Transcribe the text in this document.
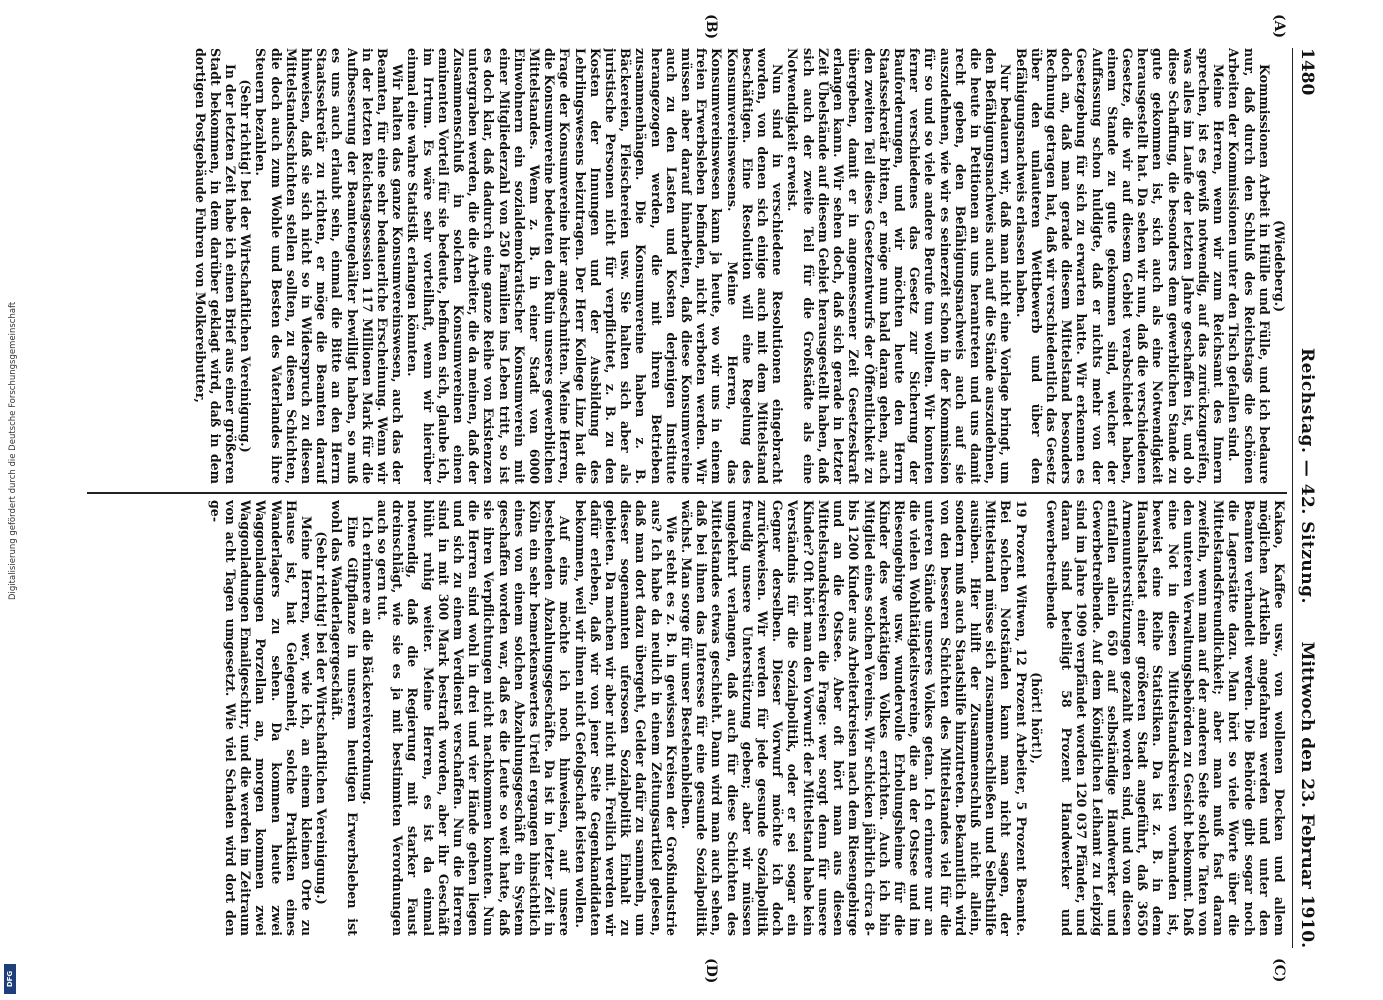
1480
Reichstag. — 42. Sitzung.
Mittwoch den 23. Februar 1910.
(A)
(B)
(C)
(D)

(Wiedeberg.)

Kommissionen Arbeit in Hülle und Fülle, und ich bedaure nur, daß durch den Schluß des Reichstags die schönen Arbeiten der Kommissionen unter den Tisch gefallen sind.

Meine Herren, wenn wir zum Reichsamt des Innern sprechen, ist es gewiß notwendig, auf das zurückzugreifen, was alles im Laufe der letzten Jahre geschaffen ist, und ob diese Schaffung, die besonders dem gewerblichen Stande zu gute gekommen ist, sich auch als eine Notwendigkeit herausgestellt hat. Da sehen wir nun, daß die verschiedenen Gesetze, die wir auf diesem Gebiet verabschiedet haben, einem Stande zu gute gekommen sind, welcher der Auffassung schon huldigte, daß er nichts mehr von der Gesetzgebung für sich zu erwarten hatte. Wir erkennen es doch an, daß man gerade diesem Mittelstand besonders Rechnung getragen hat, daß wir verschiedentlich das Gesetz über den unlauteren Wettbewerb und über den Befähigungsnachweis erlassen haben.

Nur bedauern wir, daß man nicht eine Vorlage bringt, um den Befähigungsnachweis auch auf die Stände auszudehnen, die heute in Petitionen an uns herantreten und uns damit recht geben, den Befähigungsnachweis auch auf sie auszudehnen, wie wir es seinerzeit schon in der Kommission für so und so viele andere Berufe tun wollten. Wir konnten ferner verschiedenes das Gesetz zur Sicherung der Bauforderungen, und wir möchten heute den Herrn Staatssekretär bitten, er möge nun bald daran gehen, auch den zweiten Teil dieses Gesetzentwurfs der Öffentlichkeit zu übergeben, damit er in angemessener Zeit Gesetzeskraft erlangen kann. Wir sehen doch, daß sich gerade in letzter Zeit Übelstände auf diesem Gebiet herausgestellt haben, daß sich auch der zweite Teil für die Großstädte als eine Notwendigkeit erweist.

Nun sind in verschiedene Resolutionen eingebracht worden, von denen sich einige auch mit dem Mittelstand beschäftigen. Eine Resolution will eine Regelung des Konsumvereinswesens. Meine Herren, das Konsumvereinswesen kann ja heute, wo wir uns in einem freien Erwerbsleben befinden, nicht verboten werden. Wir müssen aber darauf hinarbeiten, daß diese Konsumvereine auch zu den Lasten und Kosten derjenigen Institute herangezogen werden, die mit ihren Betrieben zusammenhängen. Die Konsumvereine haben z. B. Bäckereien, Fleischereien usw. Sie halten sich aber als juristische Personen nicht für verpflichtet, z. B. zu den Kosten der Innungen und der Ausbildung des Lehrlingswesens beizutragen. Der Herr Kollege Linz hat die Frage der Konsumvereine hier angeschnitten. Meine Herren, die Konsumvereine bedeuten den Ruin unseres gewerblichen Mittelstandes. Wenn z. B. in einer Stadt von 6000 Einwohnern ein sozialdemokratischer Konsumverein mit einer Mitgliederzahl von 250 Familien ins Leben tritt, so ist es doch klar, daß dadurch eine ganze Reihe von Existenzen untergraben werden, die die Arbeiter, die da meinen, daß der Zusammenschluß in solchen Konsumvereinen einen eminenten Vorteil für sie bedeute, befinden sich, glaube ich, im Irrtum. Es wäre sehr vorteilhaft, wenn wir hierüber einmal eine wahre Statistik erlangen könnten.

Wir halten das ganze Konsumvereinswesen, auch das der Beamten, für eine sehr bedauerliche Erscheinung. Wenn wir in der letzten Reichstagssession 117 Millionen Mark für die Aufbesserung der Beamtengehälter bewilligt haben, so muß es uns auch erlaubt sein, einmal die Bitte an den Herrn Staatssekretär zu richten, er möge die Beamten darauf hinweisen, daß sie sich nicht so in Widerspruch zu diesen Mittelstandsschichten stellen sollten, zu diesen Schichten, die doch auch zum Wohle und Besten des Vaterlandes ihre Steuern bezahlen.

(Sehr richtig! bei der Wirtschaftlichen Vereinigung.)

In der letzten Zeit habe ich einen Brief aus einer größeren Stadt bekommen, in dem darüber geklagt wird, daß in dem dortigen Postgebäude Fuhren von Molkereibutter,

Kakao, Kaffee usw., von wollenen Decken und allem möglichen Artikeln angefahren werden und unter den Beamten verhandelt werden. Die Behörde gibt sogar noch die Lagerstätte dazu. Man hört so viele Worte über die Mittelstandsfreundlichkeit; aber man muß fast daran zweifeln, wenn man auf der anderen Seite solche Taten von den unteren Verwaltungsbehörden zu Gesicht bekommt. Daß eine Not in diesen Mittelstandskreisen vorhanden ist, beweist eine Reihe Statistiken. Da ist z. B. in dem Haushaltsetat einer größeren Stadt angeführt, daß 3650 Armenunterstützungen gezahlt worden sind, und von diesen entfallen allein 650 auf selbständige Handwerker und Gewerbetreibende. Auf dem Königlichen Leihamt zu Leipzig sind im Jahre 1909 verpfändet worden 120 037 Pfänder, und daran sind beteiligt 58 Prozent Handwerker und Gewerbetreibende

(hört! hört!),

19 Prozent Witwen, 12 Prozent Arbeiter, 5 Prozent Beamte. Bei solchen Notständen kann man nicht sagen, der Mittelstand müsse sich zusammenschließen und Selbsthilfe ausüben. Hier hilft der Zusammenschluß nicht allein, sondern muß auch Staatshilfe hinzutreten. Bekanntlich wird von den besseren Schichten des Mittelstandes viel für die unteren Stände unseres Volkes getan. Ich erinnere nur an die vielen Wohltätigkeitsvereine, die an der Ostsee und im Riesengebirge usw. wundervolle Erholungsheime für die Kinder des werktätigen Volkes errichten. Auch ich bin Mitglied eines solchen Vereins. Wir schicken jährlich circa 8- bis 1200 Kinder aus Arbeiterkreisen nach dem Riesengebirge und an die Ostsee. Aber oft hört man aus diesen Mittelstandskreisen die Frage: wer sorgt denn für unsere Kinder? Oft hört man den Vorwurf: der Mittelstand habe kein Verständnis für die Sozialpolitik, oder er sei sogar ein Gegner derselben. Dieser Vorwurf möchte ich doch zurückweisen. Wir werden für jede gesunde Sozialpolitik freudig unsere Unterstützung geben; aber wir müssen umgekehrt verlangen, daß auch für diese Schichten des Mittelstandes etwas geschieht. Dann wird man auch sehen, daß bei ihnen das Interesse für eine gesunde Sozialpolitik wächst. Man sorge für unser Bestehenbleiben.

Wie steht es z. B. in gewissen Kreisen der Großindustrie aus? Ich habe da neulich in einem Zeitungsartikel gelesen, daß man dort dazu übergeht, Gelder dafür zu sammeln, um dieser sogenannten ufersosen Sozialpolitik Einhalt zu gebieten. Da machen wir aber nicht mit. Freilich werden wir dafür erleben, daß wir von jener Seite Gegenkandidaten bekommen, weil wir ihnen nicht Gefolgschaft leisten wollen.

Auf eins möchte ich noch hinweisen, auf unsere bestehenden Abzahlungsgeschäfte. Da ist in letzter Zeit in Köln ein sehr bemerkenswertes Urteil ergangen hinsichtlich eines von einem solchen Abzahlungsgeschäft ein System geschaffen worden war, daß es die Leute so weit hatte, daß sie ihren Verpflichtungen nicht nachkommen konnten. Nun die Herren sind wohl in drei und vier Hände gehen liegen und sich zu einem Verdienst verschaffen. Nun die Herren sind in mit 300 Mark bestraft worden, aber ihr Geschäft blüht ruhig weiter. Meine Herren, es ist da einmal notwendig, daß die Regierung mit starker Faust dreinschlägt, wie sie es ja mit bestimmten Verordnungen auch so gern tut.

Ich erinnere an die Bäckereiverordnung.

Eine Giftpflanze in unserem heutigen Erwerbsleben ist wohl das Wanderlagergeschäft.

(Sehr richtig! bei der Wirtschaftlichen Vereinigung.)

Meine Herren, wer, wie ich, an einem kleinen Orte zu Hause ist, hat Gelegenheit, solche Praktiken eines Wanderlagers zu sehen. Da kommen heute zwei Waggonladungen Porzellan an, morgen kommen zwei Waggonladungen Emailgeschirr, und die werden im Zeitraum von acht Tagen umgesetzt. Wie viel Schaden wird dort den ge-

Digitalisierung gefördert durch die Deutsche Forschungsgemeinschaft
DFG
